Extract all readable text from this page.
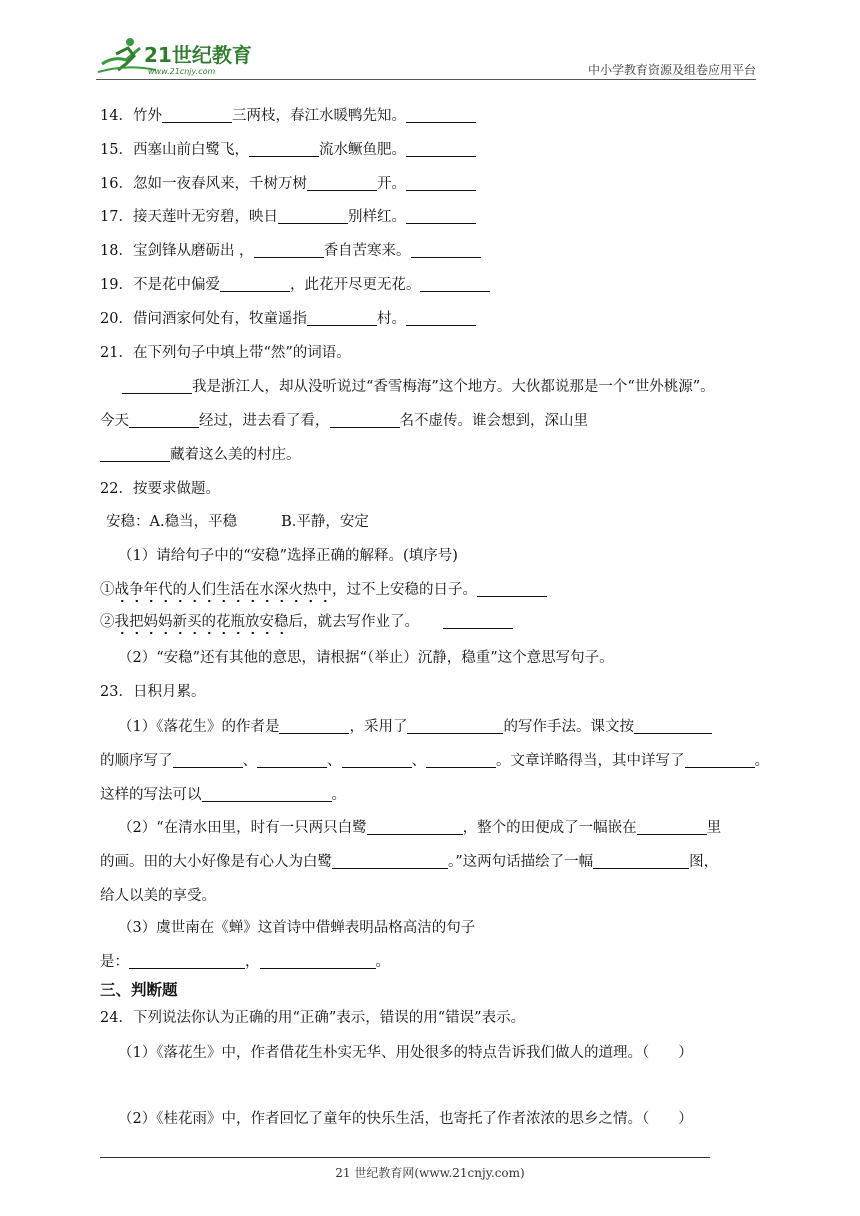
21世纪教育
www.21cnjy.com	中小学教育资源及组卷应用平台
14．竹外	三两枝，春江水暖鸭先知。
15．西塞山前白鹭飞，	流水鳜鱼肥。
16．忽如一夜春风来，千树万树	开。
17．接天莲叶无穷碧，映日	别样红。
18．宝剑锋从磨砺出 ，	香自苦寒来。
19．不是花中偏爱	，此花开尽更无花。
20．借问酒家何处有，牧童遥指	村。
21．在下列句子中填上带“然”的词语。
我是浙江人，却从没听说过“香雪梅海”这个地方。大伙都说那是一个“世外桃源”。
今天	经过，进去看了看，	名不虚传。谁会想到，深山里
藏着这么美的村庄。
22．按要求做题。
安稳：A.稳当，平稳	B.平静，安定
（1）请给句子中的“安稳”选择正确的解释。(填序号)
①战争年代的人们生活在水深火热中，过不上安稳的日子。
②我把妈妈新买的花瓶放安稳后，就去写作业了。
（2）“安稳”还有其他的意思，请根据“（举止）沉静，稳重”这个意思写句子。
23．日积月累。
（1）《落花生》的作者是	，采用了	的写作手法。课文按
的顺序写了	、	、	、	。文章详略得当，其中详写了	。
这样的写法可以	。
（2）“在清水田里，时有一只两只白鹭	，整个的田便成了一幅嵌在	里
的画。田的大小好像是有心人为白鹭	。”这两句话描绘了一幅	图，
给人以美的享受。
（3）虞世南在《蝉》这首诗中借蝉表明品格高洁的句子
是：	，	。
三、判断题
24．下列说法你认为正确的用“正确”表示，错误的用“错误”表示。
（1）《落花生》中，作者借花生朴实无华、用处很多的特点告诉我们做人的道理。（　　）
（2）《桂花雨》中，作者回忆了童年的快乐生活，也寄托了作者浓浓的思乡之情。（　　）
21 世纪教育网(www.21cnjy.com)
